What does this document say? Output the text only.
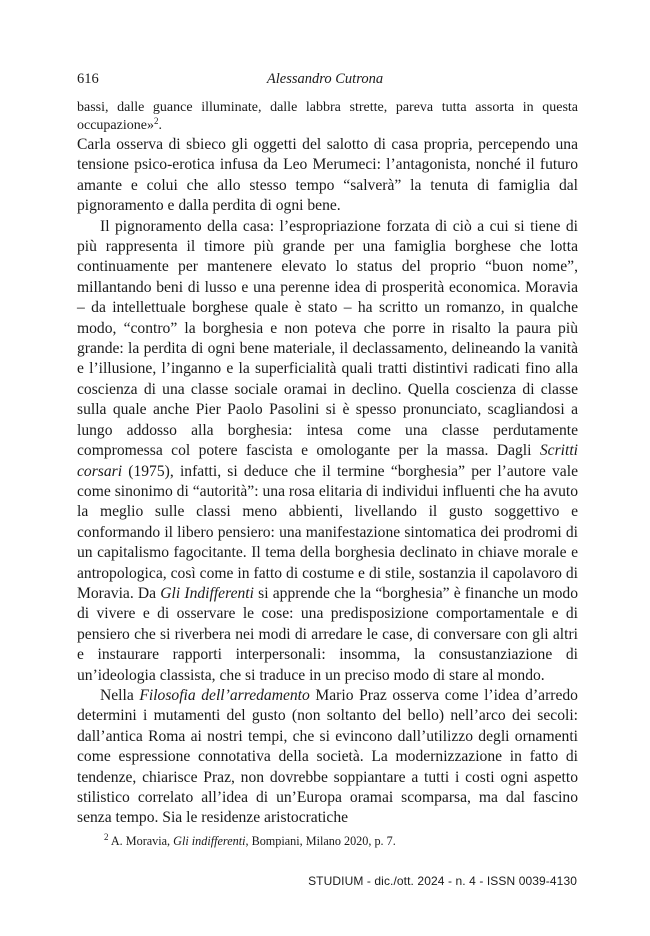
616	Alessandro Cutrona

bassi, dalle guance illuminate, dalle labbra strette, pareva tutta assorta in questa occupazione»$^2$.

Carla osserva di sbieco gli oggetti del salotto di casa propria, percependo una tensione psico-erotica infusa da Leo Merumeci: l’antagonista, nonché il futuro amante e colui che allo stesso tempo “salverà” la tenuta di famiglia dal pignoramento e dalla perdita di ogni bene.

Il pignoramento della casa: l’espropriazione forzata di ciò a cui si tiene di più rappresenta il timore più grande per una famiglia borghese che lotta continuamente per mantenere elevato lo status del proprio “buon nome”, millantando beni di lusso e una perenne idea di prosperità economica. Moravia – da intellettuale borghese quale è stato – ha scritto un romanzo, in qualche modo, “contro” la borghesia e non poteva che porre in risalto la paura più grande: la perdita di ogni bene materiale, il declassamento, delineando la vanità e l’illusione, l’inganno e la superficialità quali tratti distintivi radicati fino alla coscienza di una classe sociale oramai in declino. Quella coscienza di classe sulla quale anche Pier Paolo Pasolini si è spesso pronunciato, scagliandosi a lungo addosso alla borghesia: intesa come una classe perdutamente compromessa col potere fascista e omologante per la massa. Dagli Scritti corsari (1975), infatti, si deduce che il termine “borghesia” per l’autore vale come sinonimo di “autorità”: una rosa elitaria di individui influenti che ha avuto la meglio sulle classi meno abbienti, livellando il gusto soggettivo e conformando il libero pensiero: una manifestazione sintomatica dei prodromi di un capitalismo fagocitante. Il tema della borghesia declinato in chiave morale e antropologica, così come in fatto di costume e di stile, sostanzia il capolavoro di Moravia. Da Gli Indifferenti si apprende che la “borghesia” è finanche un modo di vivere e di osservare le cose: una predisposizione comportamentale e di pensiero che si riverbera nei modi di arredare le case, di conversare con gli altri e instaurare rapporti interpersonali: insomma, la consustanziazione di un’ideologia classista, che si traduce in un preciso modo di stare al mondo.

Nella Filosofia dell’arredamento Mario Praz osserva come l’idea d’arredo determini i mutamenti del gusto (non soltanto del bello) nell’arco dei secoli: dall’antica Roma ai nostri tempi, che si evincono dall’utilizzo degli ornamenti come espressione connotativa della società. La modernizzazione in fatto di tendenze, chiarisce Praz, non dovrebbe soppiantare a tutti i costi ogni aspetto stilistico correlato all’idea di un’Europa oramai scomparsa, ma dal fascino senza tempo. Sia le residenze aristocratiche

$^2$ A. Moravia, Gli indifferenti, Bompiani, Milano 2020, p. 7.
STUDIUM - dic./ott. 2024 - n. 4 - ISSN 0039-4130
